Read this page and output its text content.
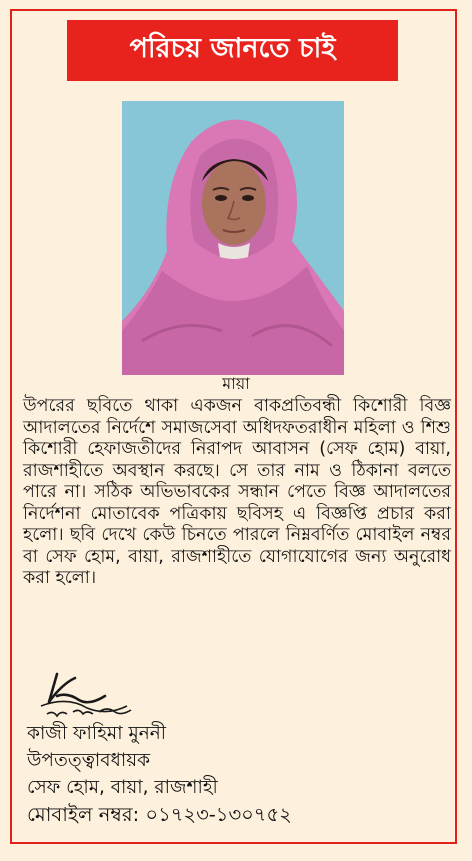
পরিচয় জানতে চাই
মায়া

উপরের ছবিতে থাকা একজন বাকপ্রতিবন্ধী কিশোরী বিজ্ঞ আদালতের নির্দেশে সমাজসেবা অধিদফতরাধীন মহিলা ও শিশু কিশোরী হেফাজতীদের নিরাপদ আবাসন (সেফ হোম) বায়া, রাজশাহীতে অবস্থান করছে। সে তার নাম ও ঠিকানা বলতে পারে না। সঠিক অভিভাবকের সন্ধান পেতে বিজ্ঞ আদালতের নির্দেশনা মোতাবেক পত্রিকায় ছবিসহ এ বিজ্ঞপ্তি প্রচার করা হলো। ছবি দেখে কেউ চিনতে পারলে নিম্নবর্ণিত মোবাইল নম্বর বা সেফ হোম, বায়া, রাজশাহীতে যোগাযোগের জন্য অনুরোধ করা হলো।

কাজী ফাহিমা মুননী
উপতত্ত্বাবধায়ক
সেফ হোম, বায়া, রাজশাহী
মোবাইল নম্বর: ০১৭২৩-১৩০৭৫২
